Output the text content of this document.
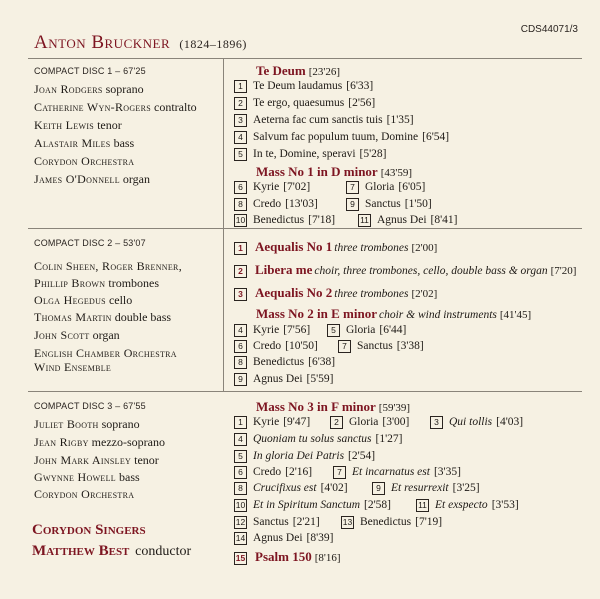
Anton Bruckner (1824–1896)
CDS44071/3
COMPACT DISC 1 – 67'25
Joan Rodgers soprano
Catherine Wyn-Rogers contralto
Keith Lewis tenor
Alastair Miles bass
Corydon Orchestra
James O'Donnell organ
Te Deum [23'26]
1 Te Deum laudamus [6'33]
2 Te ergo, quaesumus [2'56]
3 Aeterna fac cum sanctis tuis [1'35]
4 Salvum fac populum tuum, Domine [6'54]
5 In te, Domine, speravi [5'28]
Mass No 1 in D minor [43'59]
6 Kyrie [7'02]	7 Gloria [6'05]
8 Credo [13'03]	9 Sanctus [1'50]
10 Benedictus [7'18]	11 Agnus Dei [8'41]
COMPACT DISC 2 – 53'07
Colin Sheen, Roger Brenner,
Phillip Brown trombones
Olga Hegedus cello
Thomas Martin double bass
John Scott organ
English Chamber Orchestra
Wind Ensemble
1 Aequalis No 1 three trombones [2'00]
2 Libera me choir, three trombones, cello, double bass & organ [7'20]
3 Aequalis No 2 three trombones [2'02]
Mass No 2 in E minor choir & wind instruments [41'45]
4 Kyrie [7'56]	5 Gloria [6'44]
6 Credo [10'50]	7 Sanctus [3'38]
8 Benedictus [6'38]
9 Agnus Dei [5'59]
COMPACT DISC 3 – 67'55
Juliet Booth soprano
Jean Rigby mezzo-soprano
John Mark Ainsley tenor
Gwynne Howell bass
Corydon Orchestra
Corydon Singers
Matthew Best conductor
Mass No 3 in F minor [59'39]
1 Kyrie [9'47]	2 Gloria [3'00]	3 Qui tollis [4'03]
4 Quoniam tu solus sanctus [1'27]
5 In gloria Dei Patris [2'54]
6 Credo [2'16]	7 Et incarnatus est [3'35]
8 Crucifixus est [4'02]	9 Et resurrexit [3'25]
10 Et in Spiritum Sanctum [2'58]	11 Et exspecto [3'53]
12 Sanctus [2'21]	13 Benedictus [7'19]
14 Agnus Dei [8'39]
15 Psalm 150 [8'16]
